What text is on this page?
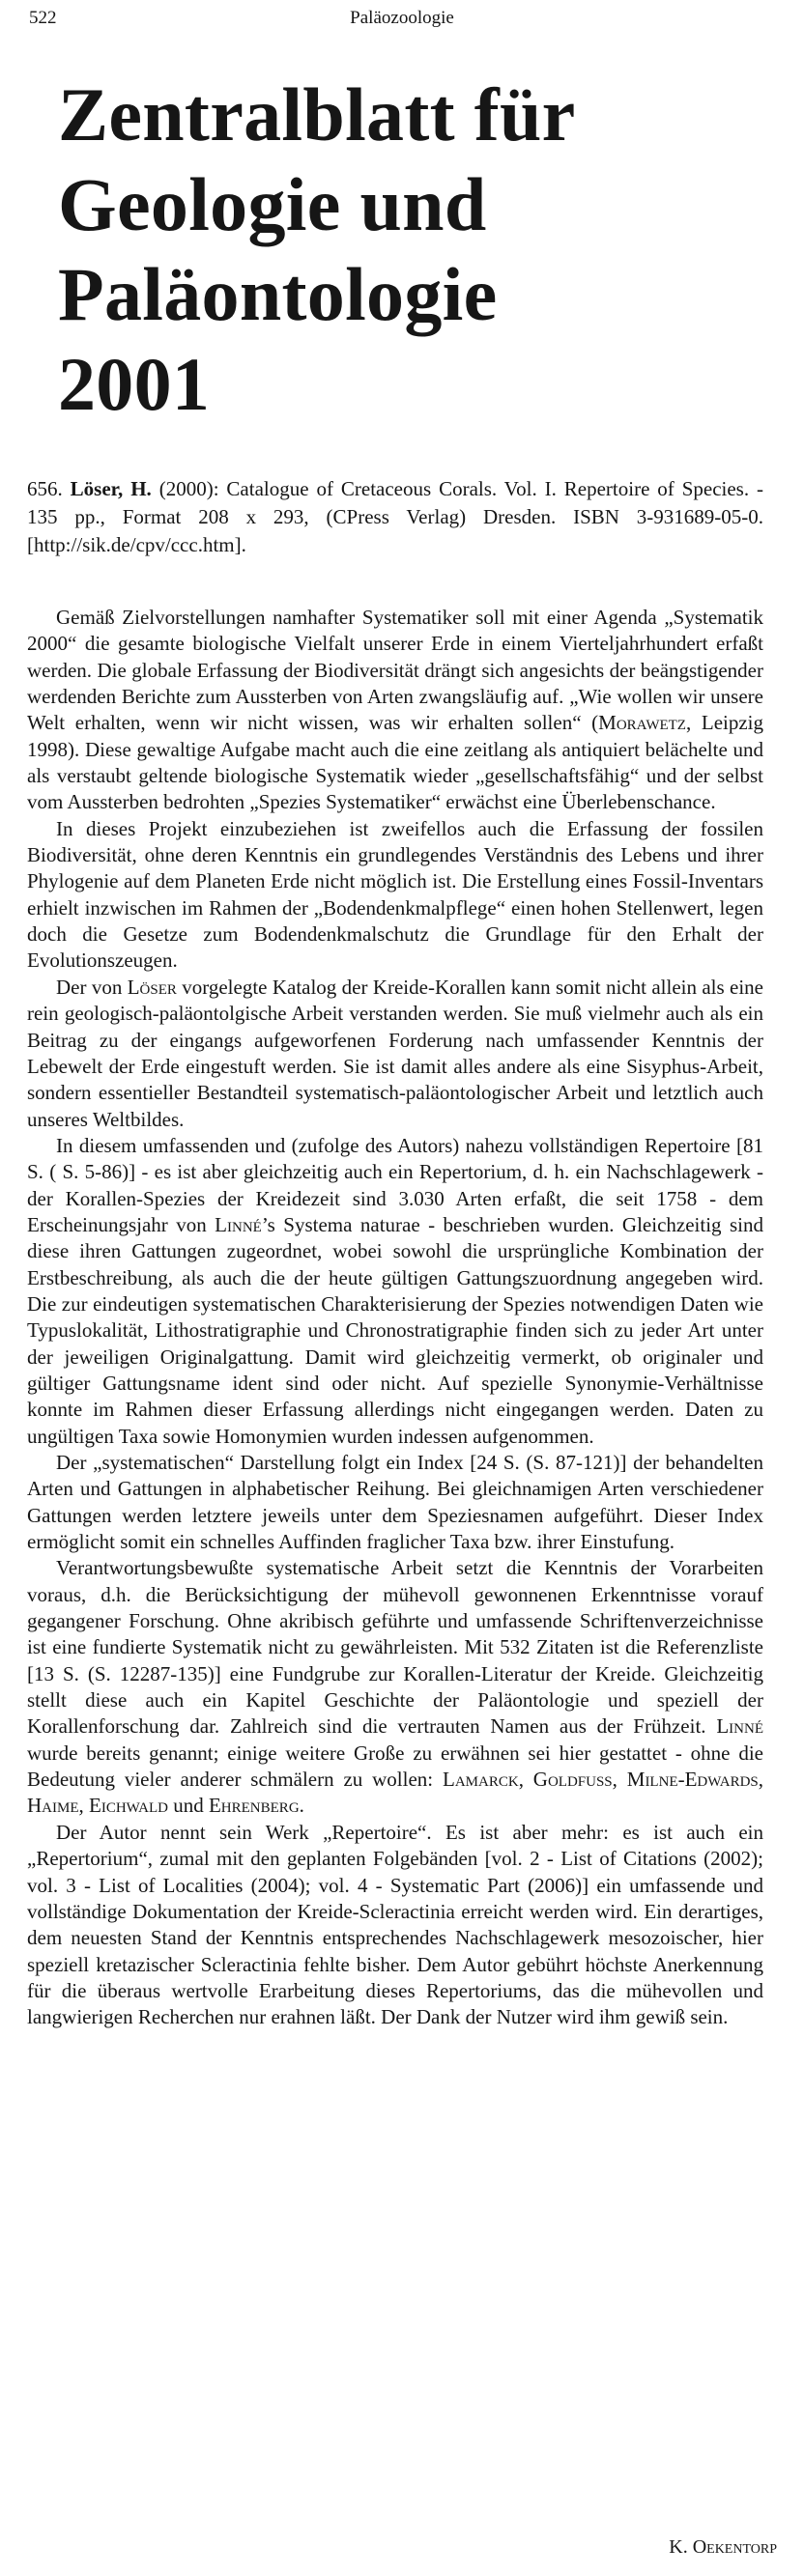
522	Paläozoologie
Zentralblatt für
Geologie und
Paläontologie
2001

656. Löser, H. (2000): Catalogue of Cretaceous Corals. Vol. I. Repertoire of Species. - 135 pp., Format 208 x 293, (CPress Verlag) Dresden. ISBN 3-931689-05-0. [http://sik.de/cpv/ccc.htm].

Gemäß Zielvorstellungen namhafter Systematiker soll mit einer Agenda „Systematik 2000“ die gesamte biologische Vielfalt unserer Erde in einem Vierteljahrhundert erfaßt werden. Die globale Erfassung der Biodiversität drängt sich angesichts der beängstigender werdenden Berichte zum Aussterben von Arten zwangsläufig auf. „Wie wollen wir unsere Welt erhalten, wenn wir nicht wissen, was wir erhalten sollen“ (Morawetz, Leipzig 1998). Diese gewaltige Aufgabe macht auch die eine zeitlang als antiquiert belächelte und als verstaubt geltende biologische Systematik wieder „gesellschaftsfähig“ und der selbst vom Aussterben bedrohten „Spezies Systematiker“ erwächst eine Überlebenschance.

In dieses Projekt einzubeziehen ist zweifellos auch die Erfassung der fossilen Biodiversität, ohne deren Kenntnis ein grundlegendes Verständnis des Lebens und ihrer Phylogenie auf dem Planeten Erde nicht möglich ist. Die Erstellung eines Fossil-Inventars erhielt inzwischen im Rahmen der „Bodendenkmalpflege“ einen hohen Stellenwert, legen doch die Gesetze zum Bodendenkmalschutz die Grundlage für den Erhalt der Evolutionszeugen.

Der von Löser vorgelegte Katalog der Kreide-Korallen kann somit nicht allein als eine rein geologisch-paläontolgische Arbeit verstanden werden. Sie muß vielmehr auch als ein Beitrag zu der eingangs aufgeworfenen Forderung nach umfassender Kenntnis der Lebewelt der Erde eingestuft werden. Sie ist damit alles andere als eine Sisyphus-Arbeit, sondern essentieller Bestandteil systematisch-paläontologischer Arbeit und letztlich auch unseres Weltbildes.

In diesem umfassenden und (zufolge des Autors) nahezu vollständigen Repertoire [81 S. ( S. 5-86)] - es ist aber gleichzeitig auch ein Repertorium, d. h. ein Nachschlagewerk - der Korallen-Spezies der Kreidezeit sind 3.030 Arten erfaßt, die seit 1758 - dem Erscheinungsjahr von Linné’s Systema naturae - beschrieben wurden. Gleichzeitig sind diese ihren Gattungen zugeordnet, wobei sowohl die ursprüngliche Kombination der Erstbeschreibung, als auch die der heute gültigen Gattungszuordnung angegeben wird. Die zur eindeutigen systematischen Charakterisierung der Spezies notwendigen Daten wie Typuslokalität, Lithostratigraphie und Chronostratigraphie finden sich zu jeder Art unter der jeweiligen Originalgattung. Damit wird gleichzeitig vermerkt, ob originaler und gültiger Gattungsname ident sind oder nicht. Auf spezielle Synonymie-Verhältnisse konnte im Rahmen dieser Erfassung allerdings nicht eingegangen werden. Daten zu ungültigen Taxa sowie Homonymien wurden indessen aufgenommen.

Der „systematischen“ Darstellung folgt ein Index [24 S. (S. 87-121)] der behandelten Arten und Gattungen in alphabetischer Reihung. Bei gleichnamigen Arten verschiedener Gattungen werden letztere jeweils unter dem Speziesnamen aufgeführt. Dieser Index ermöglicht somit ein schnelles Auffinden fraglicher Taxa bzw. ihrer Einstufung.

Verantwortungsbewußte systematische Arbeit setzt die Kenntnis der Vorarbeiten voraus, d.h. die Berücksichtigung der mühevoll gewonnenen Erkenntnisse vorauf gegangener Forschung. Ohne akribisch geführte und umfassende Schriftenverzeichnisse ist eine fundierte Systematik nicht zu gewährleisten. Mit 532 Zitaten ist die Referenzliste [13 S. (S. 12287-135)] eine Fundgrube zur Korallen-Literatur der Kreide. Gleichzeitig stellt diese auch ein Kapitel Geschichte der Paläontologie und speziell der Korallenforschung dar. Zahlreich sind die vertrauten Namen aus der Frühzeit. Linné wurde bereits genannt; einige weitere Große zu erwähnen sei hier gestattet - ohne die Bedeutung vieler anderer schmälern zu wollen: Lamarck, Goldfuss, Milne-Edwards, Haime, Eichwald und Ehrenberg.

Der Autor nennt sein Werk „Repertoire“. Es ist aber mehr: es ist auch ein „Repertorium“, zumal mit den geplanten Folgebänden [vol. 2 - List of Citations (2002); vol. 3 - List of Localities (2004); vol. 4 - Systematic Part (2006)] ein umfassende und vollständige Dokumentation der Kreide-Scleractinia erreicht werden wird. Ein derartiges, dem neuesten Stand der Kenntnis entsprechendes Nachschlagewerk mesozoischer, hier speziell kretazischer Scleractinia fehlte bisher. Dem Autor gebührt höchste Anerkennung für die überaus wertvolle Erarbeitung dieses Repertoriums, das die mühevollen und langwierigen Recherchen nur erahnen läßt. Der Dank der Nutzer wird ihm gewiß sein.

K. Oekentorp
